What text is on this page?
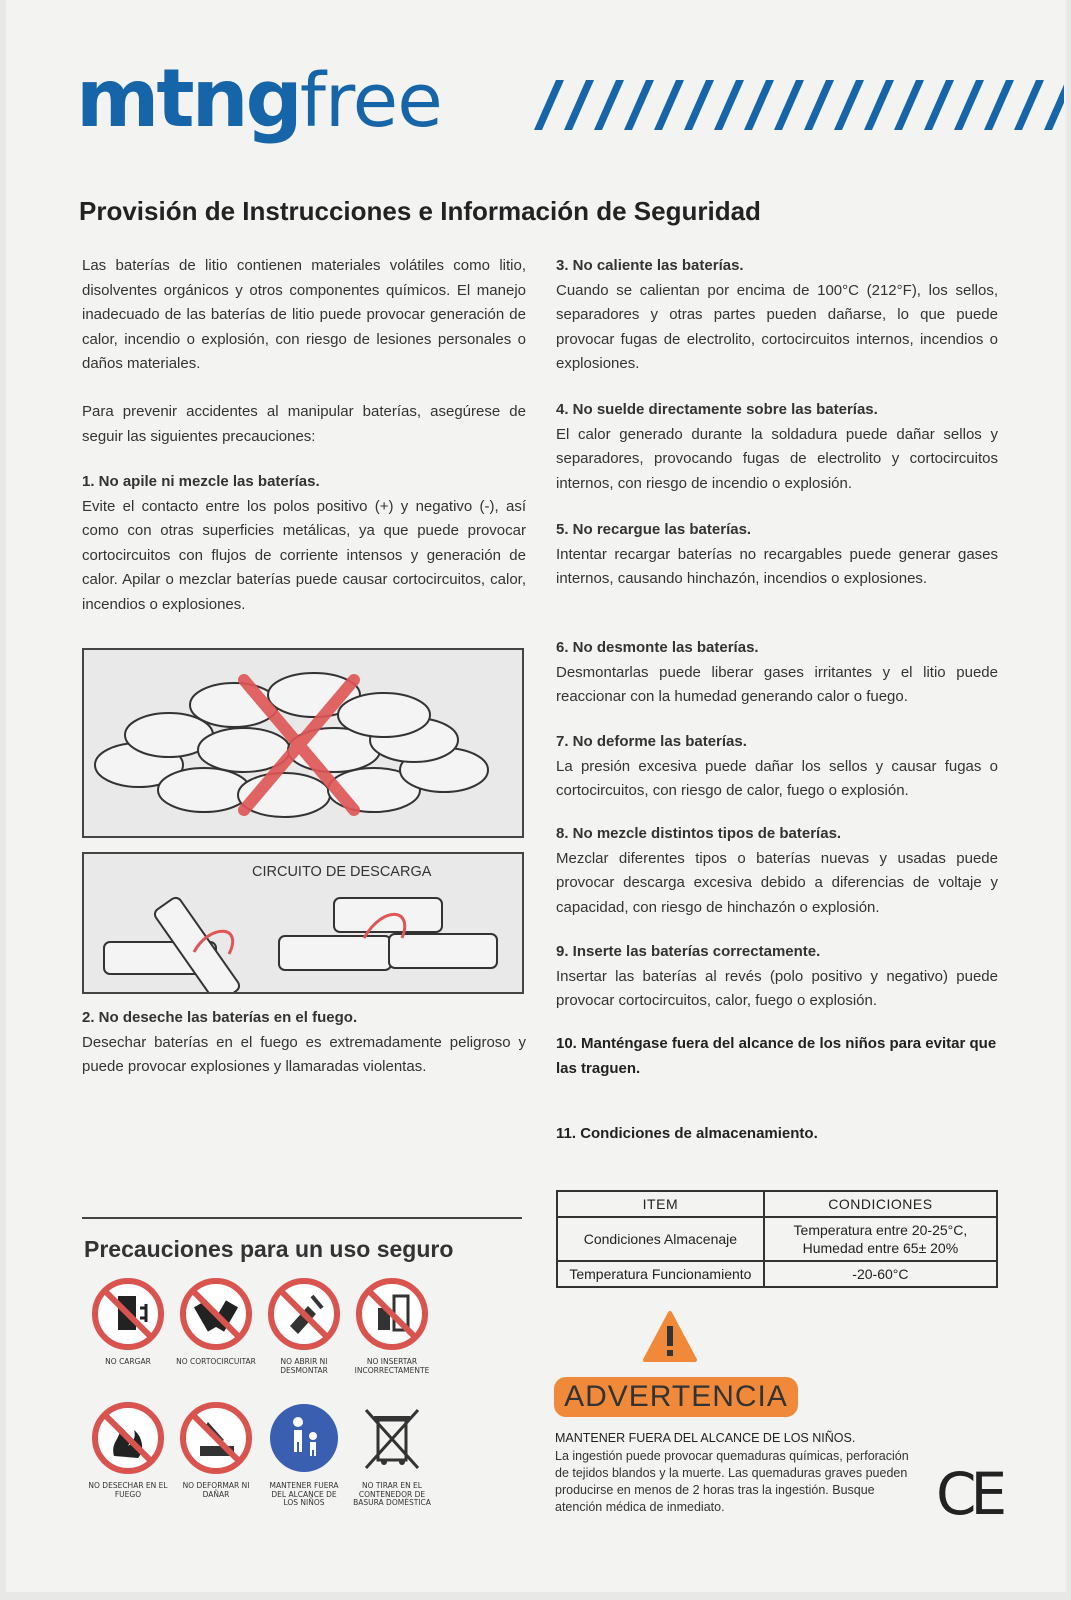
mtng free
Provisión de Instrucciones e Información de Seguridad

Las baterías de litio contienen materiales volátiles como litio, disolventes orgánicos y otros componentes químicos. El manejo inadecuado de las baterías de litio puede provocar generación de calor, incendio o explosión, con riesgo de lesiones personales o daños materiales.

Para prevenir accidentes al manipular baterías, asegúrese de seguir las siguientes precauciones:

1. No apile ni mezcle las baterías.
Evite el contacto entre los polos positivo (+) y negativo (-), así como con otras superficies metálicas, ya que puede provocar cortocircuitos con flujos de corriente intensos y generación de calor. Apilar o mezclar baterías puede causar cortocircuitos, calor, incendios o explosiones.

CIRCUITO DE DESCARGA

2. No deseche las baterías en el fuego.
Desechar baterías en el fuego es extremadamente peligroso y puede provocar explosiones y llamaradas violentas.

Precauciones para un uso seguro
NO CARGAR	NO CORTOCIRCUITAR	NO ABRIR NI DESMONTAR
NO INSERTAR INCORRECTAMENTE
NO DESECHAR EN EL FUEGO
NO DEFORMAR NI DAÑAR
MANTENER FUERA DEL ALCANCE DE LOS NIÑOS
NO TIRAR EN EL CONTENEDOR DE BASURA DOMÉSTICA

3. No caliente las baterías.
Cuando se calientan por encima de 100°C (212°F), los sellos, separadores y otras partes pueden dañarse, lo que puede provocar fugas de electrolito, cortocircuitos internos, incendios o explosiones.

4. No suelde directamente sobre las baterías.
El calor generado durante la soldadura puede dañar sellos y separadores, provocando fugas de electrolito y cortocircuitos internos, con riesgo de incendio o explosión.

5. No recargue las baterías.
Intentar recargar baterías no recargables puede generar gases internos, causando hinchazón, incendios o explosiones.

6. No desmonte las baterías.
Desmontarlas puede liberar gases irritantes y el litio puede reaccionar con la humedad generando calor o fuego.

7. No deforme las baterías.
La presión excesiva puede dañar los sellos y causar fugas o cortocircuitos, con riesgo de calor, fuego o explosión.

8. No mezcle distintos tipos de baterías.
Mezclar diferentes tipos o baterías nuevas y usadas puede provocar descarga excesiva debido a diferencias de voltaje y capacidad, con riesgo de hinchazón o explosión.

9. Inserte las baterías correctamente.
Insertar las baterías al revés (polo positivo y negativo) puede provocar cortocircuitos, calor, fuego o explosión.

10. Manténgase fuera del alcance de los niños para evitar que las traguen.

11. Condiciones de almacenamiento.

ITEM	CONDICIONES
Condiciones Almacenaje	Temperatura entre 20-25°C, Humedad entre 65± 20%
Temperatura Funcionamiento	-20-60°C
ADVERTENCIA
MANTENER FUERA DEL ALCANCE DE LOS NIÑOS.
La ingestión puede provocar quemaduras químicas, perforación de tejidos blandos y la muerte. Las quemaduras graves pueden producirse en menos de 2 horas tras la ingestión. Busque atención médica de inmediato.	CE
